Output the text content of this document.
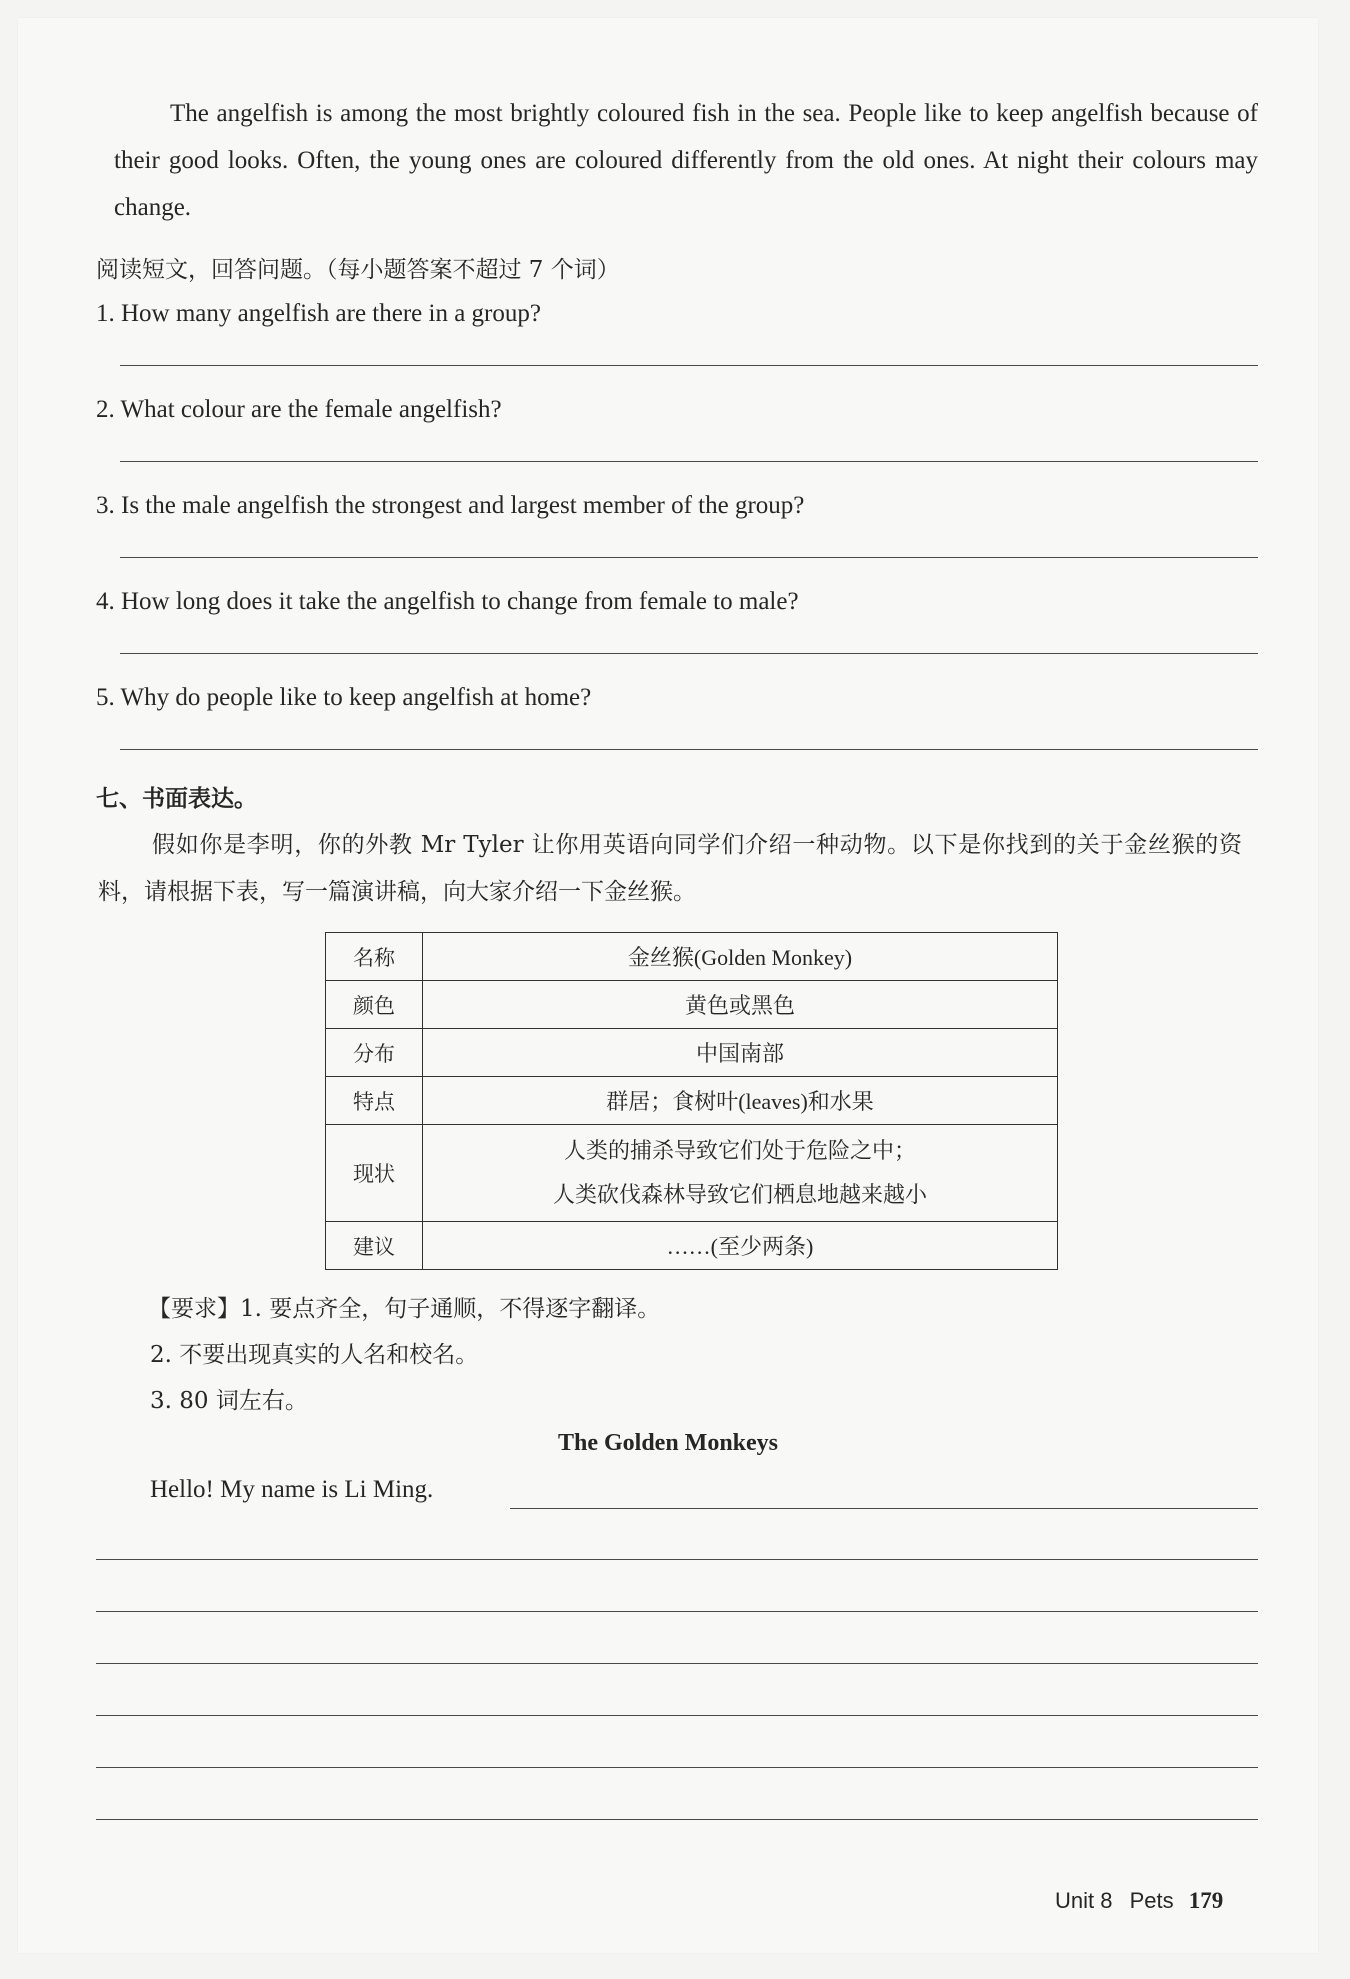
The angelfish is among the most brightly coloured fish in the sea. People like to keep angelfish because of their good looks. Often, the young ones are coloured differently from the old ones. At night their colours may change.
阅读短文，回答问题。（每小题答案不超过 7 个词）
1. How many angelfish are there in a group?
2. What colour are the female angelfish?
3. Is the male angelfish the strongest and largest member of the group?
4. How long does it take the angelfish to change from female to male?
5. Why do people like to keep angelfish at home?
七、书面表达。
假如你是李明，你的外教 Mr Tyler 让你用英语向同学们介绍一种动物。以下是你找到的关于金丝猴的资料，请根据下表，写一篇演讲稿，向大家介绍一下金丝猴。
名称	金丝猴(Golden Monkey)
颜色	黄色或黑色
分布	中国南部
特点	群居；食树叶(leaves)和水果
现状	人类的捕杀导致它们处于危险之中；
人类砍伐森林导致它们栖息地越来越小

建议	……(至少两条)
【要求】1. 要点齐全，句子通顺，不得逐字翻译。
2. 不要出现真实的人名和校名。
3. 80 词左右。
The Golden Monkeys
Hello! My name is Li Ming.
Unit 8 Pets 179
